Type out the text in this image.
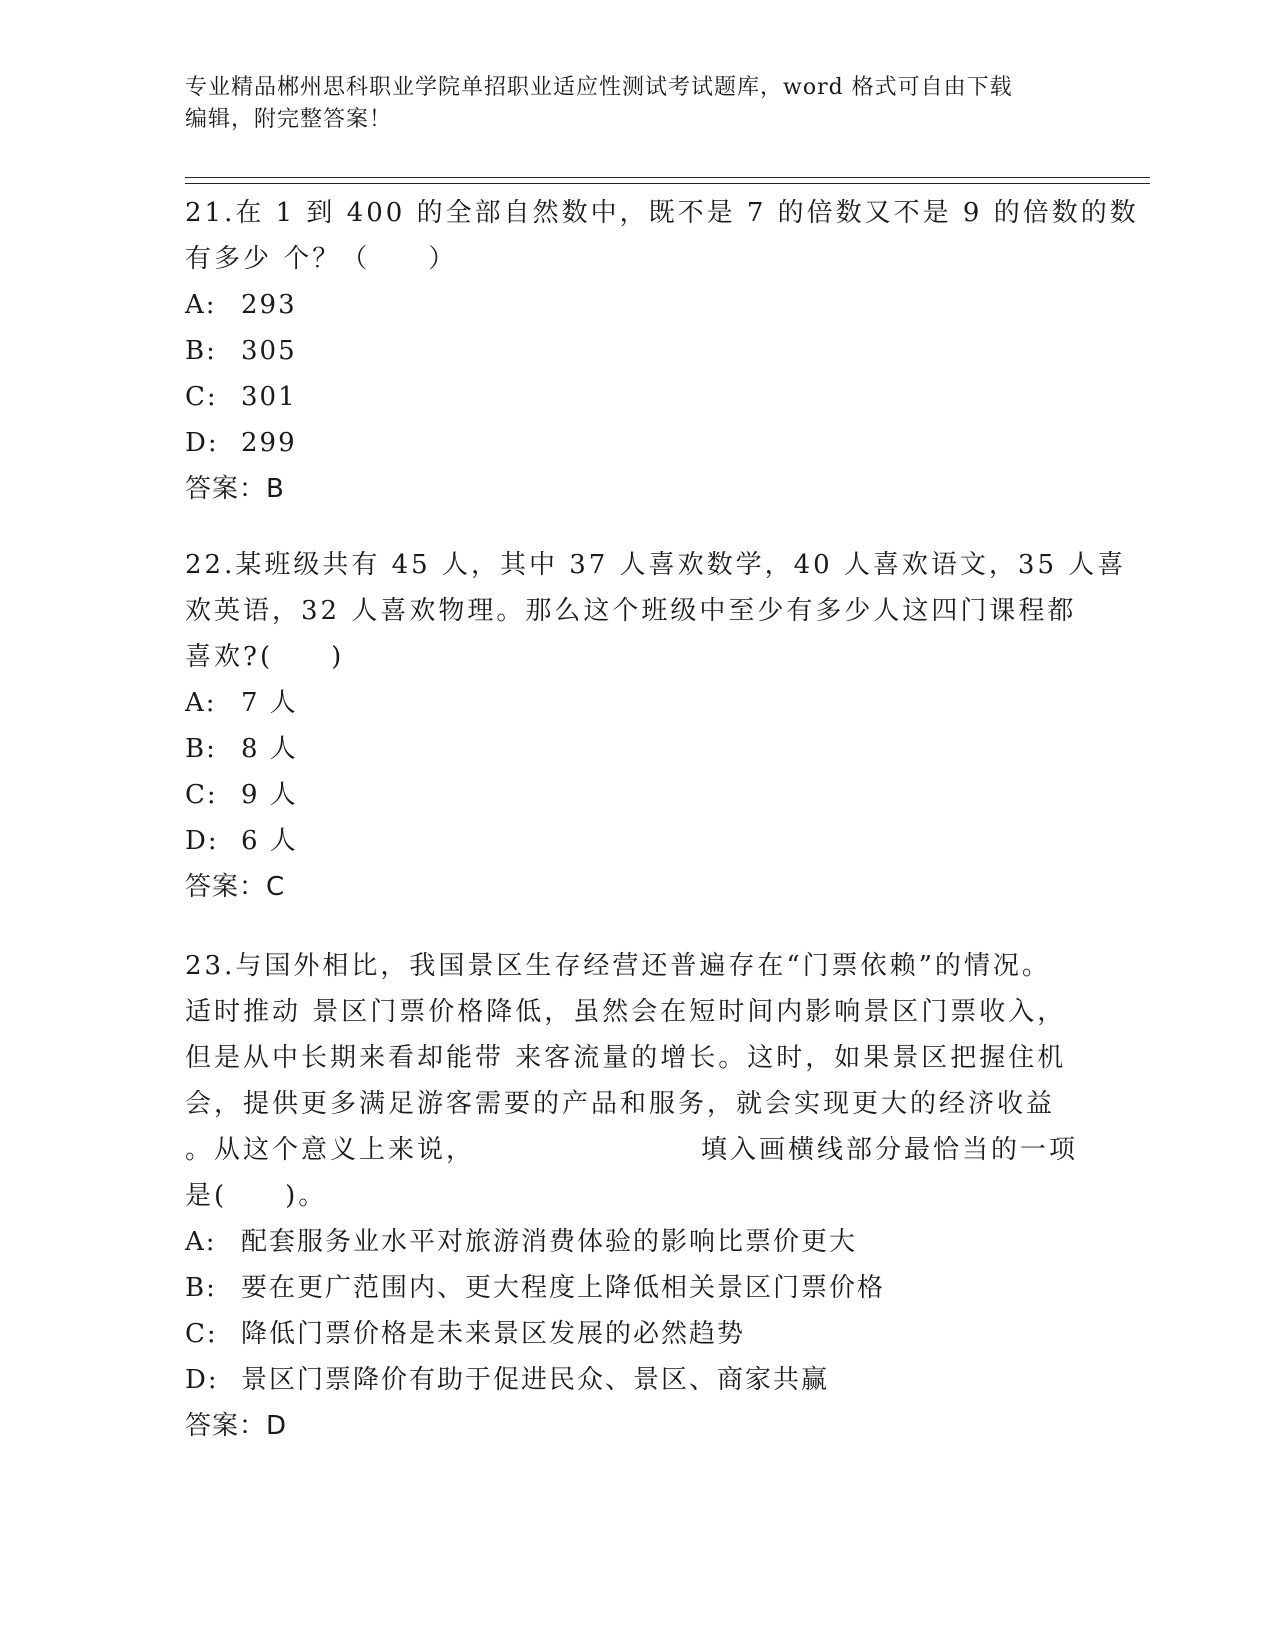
专业精品郴州思科职业学院单招职业适应性测试考试题库，word 格式可自由下载
编辑，附完整答案！
21.在 1 到 400 的全部自然数中，既不是 7 的倍数又不是 9 的倍数的数
有多少 个？（　　）
A: 293
B: 305
C: 301
D: 299
答案：B
22.某班级共有 45 人，其中 37 人喜欢数学，40 人喜欢语文，35 人喜
欢英语，32 人喜欢物理。那么这个班级中至少有多少人这四门课程都
喜欢?(　　)
A: 7 人
B: 8 人
C: 9 人
D: 6 人
答案：C
23.与国外相比，我国景区生存经营还普遍存在“门票依赖”的情况。
适时推动 景区门票价格降低，虽然会在短时间内影响景区门票收入，
但是从中长期来看却能带 来客流量的增长。这时，如果景区把握住机
会，提供更多满足游客需要的产品和服务，就会实现更大的经济收益
。从这个意义上来说，	填入画横线部分最恰当的一项
是(　　)。
A: 配套服务业水平对旅游消费体验的影响比票价更大
B: 要在更广范围内、更大程度上降低相关景区门票价格
C: 降低门票价格是未来景区发展的必然趋势
D: 景区门票降价有助于促进民众、景区、商家共赢
答案：D
